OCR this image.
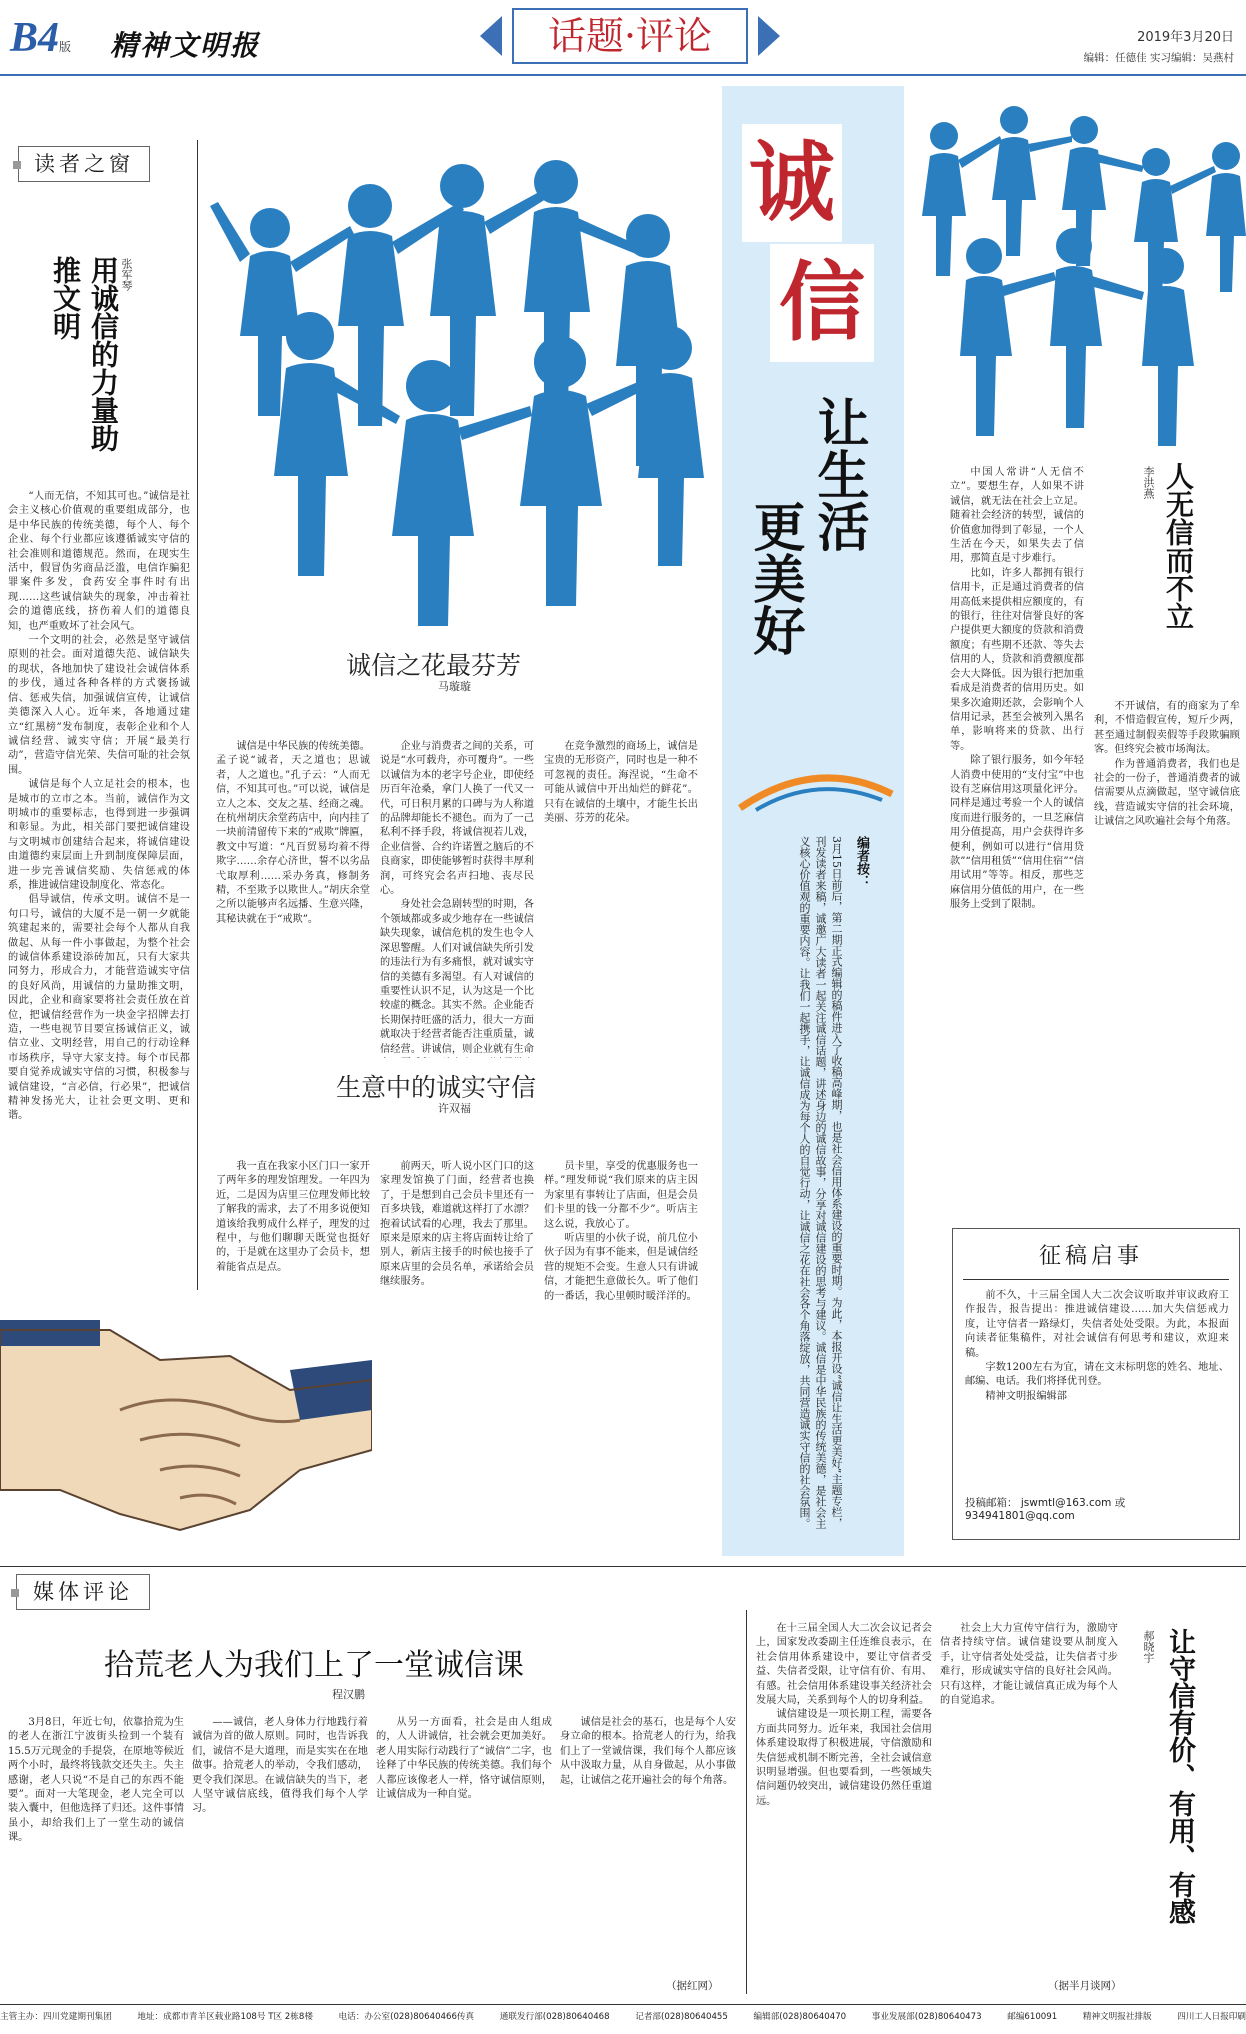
B4版 精神文明报	话题·评论	2019年3月20日
编辑：任德佳 实习编辑：吴燕村
读者之窗
用诚信的力量助推文明	张军琴

“人而无信，不知其可也。”诚信是社会主义核心价值观的重要组成部分，也是中华民族的传统美德，每个人、每个企业、每个行业都应该遵循诚实守信的社会准则和道德规范。然而，在现实生活中，假冒伪劣商品泛滥，电信诈骗犯罪案件多发，食药安全事件时有出现……这些诚信缺失的现象，冲击着社会的道德底线，挤伤着人们的道德良知，也严重败坏了社会风气。

一个文明的社会，必然是坚守诚信原则的社会。面对道德失范、诚信缺失的现状，各地加快了建设社会诚信体系的步伐，通过各种各样的方式褒扬诚信、惩戒失信，加强诚信宣传，让诚信美德深入人心。近年来，各地通过建立“红黑榜”发布制度，表彰企业和个人诚信经营、诚实守信；开展“最美行动”，营造守信光荣、失信可耻的社会氛围。

诚信是每个人立足社会的根本，也是城市的立市之本。当前，诚信作为文明城市的重要标志，也得到进一步强调和彰显。为此，相关部门要把诚信建设与文明城市创建结合起来，将诚信建设由道德约束层面上升到制度保障层面，进一步完善诚信奖励、失信惩戒的体系，推进诚信建设制度化、常态化。

倡导诚信，传承文明。诚信不是一句口号，诚信的大厦不是一朝一夕就能筑建起来的，需要社会每个人都从自我做起、从每一件小事做起，为整个社会的诚信体系建设添砖加瓦，只有大家共同努力，形成合力，才能营造诚实守信的良好风尚，用诚信的力量助推文明，因此，企业和商家要将社会责任放在首位，把诚信经营作为一块金字招牌去打造，一些电视节目要宣扬诚信正义，诚信立业、文明经营，用自己的行动诠释市场秩序，导守大家支持。每个市民都要自觉养成诚实守信的习惯，积极参与诚信建设，“言必信，行必果”，把诚信精神发扬光大，让社会更文明、更和谐。

诚信之花最芬芳
马璇璇

诚信是中华民族的传统美德。孟子说“诚者，天之道也；思诚者，人之道也。”孔子云：“人而无信，不知其可也。”可以说，诚信是立人之本、交友之基、经商之魂。在杭州胡庆余堂药店中，向内挂了一块前清留传下来的“戒欺”牌匾，教文中写道：“凡百贸易均着不得欺字……余存心济世，誓不以劣品弋取厚利……采办务真，修制务精，不至欺予以欺世人。”胡庆余堂之所以能够声名远播、生意兴隆，其秘诀就在于“戒欺”。

企业与消费者之间的关系，可说是“水可载舟，亦可覆舟”。一些以诚信为本的老字号企业，即使经历百年沧桑，拿门人换了一代又一代，可日积月累的口碑与为人称道的品牌却能长不褪色。而为了一己私利不择手段，将诚信视若儿戏，企业信誉、合约许诺置之脑后的不良商家，即使能够暂时获得丰厚利润，可终究会名声扫地、丧尽民心。

身处社会急剧转型的时期，各个领域都或多或少地存在一些诚信缺失现象，诚信危机的发生也令人深思警醒。人们对诚信缺失所引发的违法行为有多痛恨，就对诚实守信的美德有多渴望。有人对诚信的重要性认识不足，认为这是一个比较虚的概念。其实不然。企业能否长期保持旺盛的活力，很大一方面就取决于经营者能否注重质量，诚信经营。讲诚信，则企业就有生命

在竞争激烈的商场上，诚信是宝贵的无形资产，同时也是一种不可忽视的责任。海涅说，“生命不可能从诚信中开出灿烂的鲜花”。只有在诚信的土壤中，才能生长出美丽、芬芳的花朵。

生意中的诚实守信
许双福

我一直在我家小区门口一家开了两年多的理发馆理发。一年四为近，二是因为店里三位理发师比较了解我的需求，去了不用多说便知道该给我剪成什么样子，理发的过程中，与他们聊聊天既觉也挺好的，于是就在这里办了会员卡，想着能省点是点。

前两天，听人说小区门口的这家理发馆换了门面，经营者也换了，于是想到自己会员卡里还有一百多块钱，难道就这样打了水漂？抱着试试看的心理，我去了那里。原来是原来的店主将店面转让给了别人，新店主接手的时候也接手了原来店里的会员名单，承诺给会员继续服务。

员卡里，享受的优惠服务也一样。”理发师说“我们原来的店主因为家里有事转让了店面，但是会员们卡里的钱一分都不少”。听店主这么说，我放心了。

听店里的小伙子说，前几位小伙子因为有事不能来，但是诚信经营的规矩不会变。生意人只有讲诚信，才能把生意做长久。听了他们的一番话，我心里顿时暖洋洋的。

诚
信
让生活
更美好
编者按：
3月15日前后，第二期正式编辑的稿件进入了收稿高峰期，也是社会信用体系建设的重要时期。为此，本报开设“诚信让生活更美好”主题专栏，刊发读者来稿，诚邀广大读者一起关注诚信话题，讲述身边的诚信故事，分享对诚信建设的思考与建议。诚信是中华民族的传统美德，是社会主义核心价值观的重要内容。让我们一起携手，让诚信成为每个人的自觉行动，让诚信之花在社会各个角落绽放，共同营造诚实守信的社会氛围。
人无信而不立
李洪燕

中国人常讲“人无信不立”。要想生存，人如果不讲诚信，就无法在社会上立足。随着社会经济的转型，诚信的价值愈加得到了彰显，一个人生活在今天，如果失去了信用，那简直是寸步难行。

比如，许多人都拥有银行信用卡，正是通过消费者的信用高低来提供相应额度的，有的银行，往往对信誉良好的客户提供更大额度的贷款和消费额度；有些期不还款、等失去信用的人，贷款和消费额度都会大大降低。因为银行把加重看成是消费者的信用历史。如果多次逾期还款，会影响个人信用记录，甚至会被列入黑名单，影响将来的贷款、出行等。

除了银行服务，如今年轻人消费中使用的“支付宝”中也设有芝麻信用这项量化评分。同样是通过考验一个人的诚信度而进行服务的，一旦芝麻信用分值提高，用户会获得许多便利，例如可以进行“信用贷款”“信用租赁”“信用住宿”“信用试用”等等。相反，那些芝麻信用分值低的用户，在一些服务上受到了限制。

不开诚信，有的商家为了牟利，不惜造假宣传，短斤少两，甚至通过制假卖假等手段欺骗顾客。但终究会被市场淘汰。

作为普通消费者，我们也是社会的一份子，普通消费者的诚信需要从点滴做起，坚守诚信底线，营造诚实守信的社会环境，让诚信之风吹遍社会每个角落。

征稿启事

前不久，十三届全国人大二次会议听取并审议政府工作报告，报告提出：推进诚信建设……加大失信惩戒力度，让守信者一路绿灯，失信者处处受限。为此，本报面向读者征集稿件，对社会诚信有何思考和建议，欢迎来稿。

字数1200左右为宜，请在文末标明您的姓名、地址、邮编、电话。我们将择优刊登。

精神文明报编辑部

投稿邮箱： jswmtl@163.com 或 934941801@qq.com
媒体评论
拾荒老人为我们上了一堂诚信课
程汉鹏

3月8日，年近七旬，依靠拾荒为生的老人在浙江宁波街头捡到一个装有15.5万元现金的手提袋，在原地等候近两个小时，最终将钱款交还失主。失主感谢，老人只说“不是自己的东西不能要”。面对一大笔现金，老人完全可以装入囊中，但他选择了归还。这件事情虽小，却给我们上了一堂生动的诚信课。

——诚信，老人身体力行地践行着诚信为首的做人原则。同时，也告诉我们，诚信不是大道理，而是实实在在地做事。拾荒老人的举动，令我们感动，更令我们深思。在诚信缺失的当下，老人坚守诚信底线，值得我们每个人学习。

从另一方面看，社会是由人组成的，人人讲诚信，社会就会更加美好。老人用实际行动践行了“诚信”二字，也诠释了中华民族的传统美德。我们每个人都应该像老人一样，恪守诚信原则，让诚信成为一种自觉。

诚信是社会的基石，也是每个人安身立命的根本。拾荒老人的行为，给我们上了一堂诚信课，我们每个人都应该从中汲取力量，从自身做起，从小事做起，让诚信之花开遍社会的每个角落。

（据红网）

在十三届全国人大二次会议记者会上，国家发改委副主任连维良表示，在社会信用体系建设中，要让守信者受益、失信者受限，让守信有价、有用、有感。社会信用体系建设事关经济社会发展大局，关系到每个人的切身利益。

诚信建设是一项长期工程，需要各方面共同努力。近年来，我国社会信用体系建设取得了积极进展，守信激励和失信惩戒机制不断完善，全社会诚信意识明显增强。但也要看到，一些领域失信问题仍较突出，诚信建设仍然任重道远。

社会上大力宣传守信行为，激励守信者持续守信。诚信建设要从制度入手，让守信者处处受益，让失信者寸步难行，形成诚实守信的良好社会风尚。只有这样，才能让诚信真正成为每个人的自觉追求。

（据半月谈网）
让守信有价、有用、有感
郝晓宇
主管主办：四川党建期刊集团	地址：成都市青羊区载业路108号 T区 2栋8楼	电话：办公室(028)80640466传真	通联发行部(028)80640468	记者部(028)80640455	编辑部(028)80640470	事业发展部(028)80640473	邮编610091	精神文明报社排版	四川工人日报印刷
